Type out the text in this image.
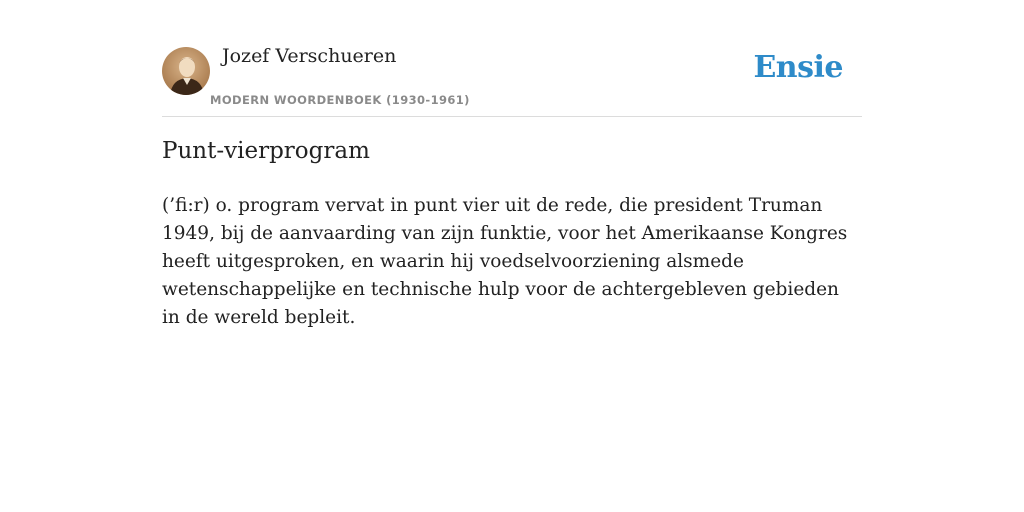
Jozef Verschueren
MODERN WOORDENBOEK (1930-1961)
Ensie
Punt-vierprogram

(’fi:r) o. program vervat in punt vier uit de rede, die president Truman 1949, bij de aanvaarding van zijn funktie, voor het Amerikaanse Kongres heeft uitgesproken, en waarin hij voedselvoorziening alsmede wetenschappelijke en technische hulp voor de achtergebleven gebieden in de wereld bepleit.
